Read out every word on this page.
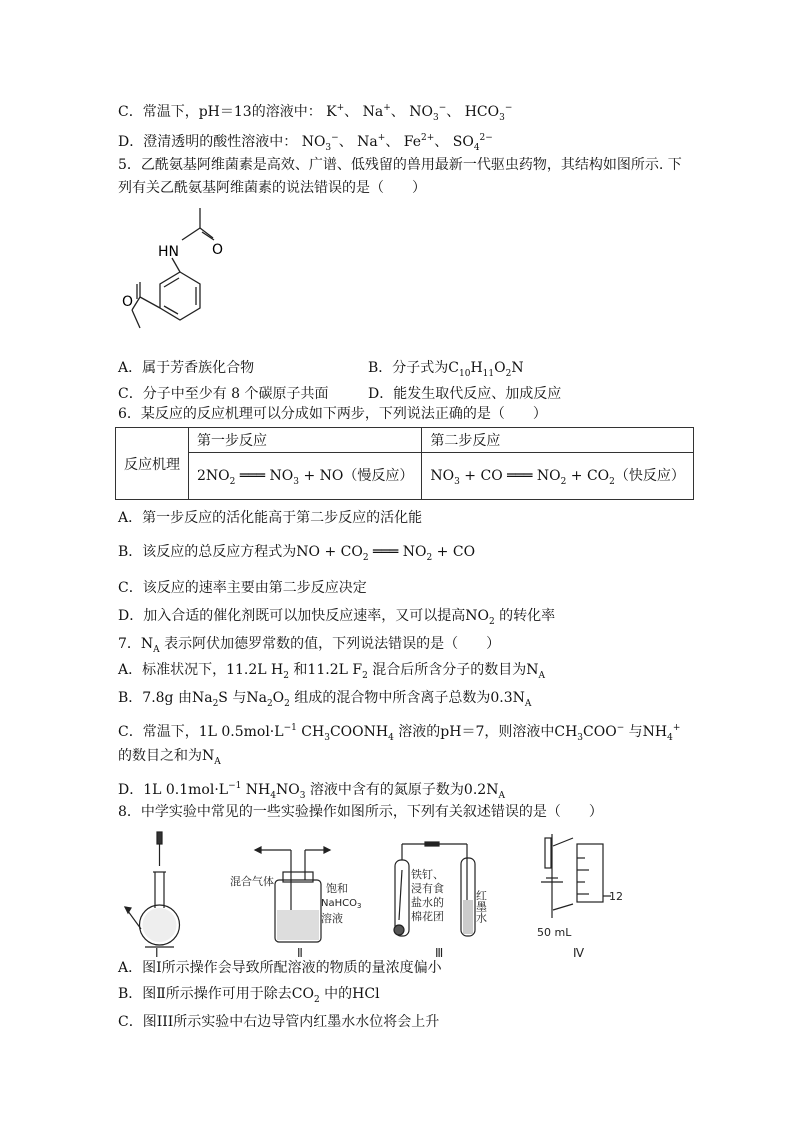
C．常温下，pH＝13的溶液中： K+、 Na+、 $NO_3^-$、 $HCO_3^-$
D．澄清透明的酸性溶液中： $NO_3^-$、 Na+、 $Fe^{2+}$、 $SO_4^{2-}$
5．乙酰氨基阿维菌素是高效、广谱、低残留的兽用最新一代驱虫药物，其结构如图所示. 下
列有关乙酰氨基阿维菌素的说法错误的是（　　）
HN O
O
A．属于芳香族化合物	B．分子式为$C_{10}H_{11}O_2N$
C．分子中至少有 8 个碳原子共面	D．能发生取代反应、加成反应
6．某反应的反应机理可以分成如下两步，下列说法正确的是（　　）
反应机理	第一步反应	第二步反应
	$2NO_2$ ═══ $NO_3 + NO$（慢反应）	$NO_3$ + CO ═══ $NO_2 + CO_2$（快反应）
A．第一步反应的活化能高于第二步反应的活化能
B．该反应的总反应方程式为NO + $CO_2$ ═══ $NO_2$ + CO
C．该反应的速率主要由第二步反应决定
D．加入合适的催化剂既可以加快反应速率，又可以提高$NO_2$ 的转化率
7．$N_A$ 表示阿伏加德罗常数的值，下列说法错误的是（　　）
A．标准状况下，11.2L $H_2$ 和11.2L $F_2$ 混合后所含分子的数目为$N_A$
B．7.8g 由$Na_2S$ 与$Na_2O_2$ 组成的混合物中所含离子总数为$0.3N_A$
C．常温下，1L $0.5mol\cdot L^{-1}$ $CH_3COONH_4$ 溶液的pH＝7，则溶液中$CH_3COO^-$ 与$NH_4^+$
的数目之和为$N_A$
D．1L $0.1mol\cdot L^{-1}$ $NH_4NO_3$ 溶液中含有的氮原子数为$0.2N_A$
8．中学实验中常见的一些实验操作如图所示，下列有关叙述错误的是（　　）
Ⅰ
混合气体
饱和
NaHCO$_3$
溶液
Ⅱ
铁钉、
浸有食
盐水的
棉花团	红墨水
Ⅲ
12
50 mL
Ⅳ
A．图Ⅰ所示操作会导致所配溶液的物质的量浓度偏小
B．图Ⅱ所示操作可用于除去$CO_2$ 中的HCl
C．图III所示实验中右边导管内红墨水水位将会上升
